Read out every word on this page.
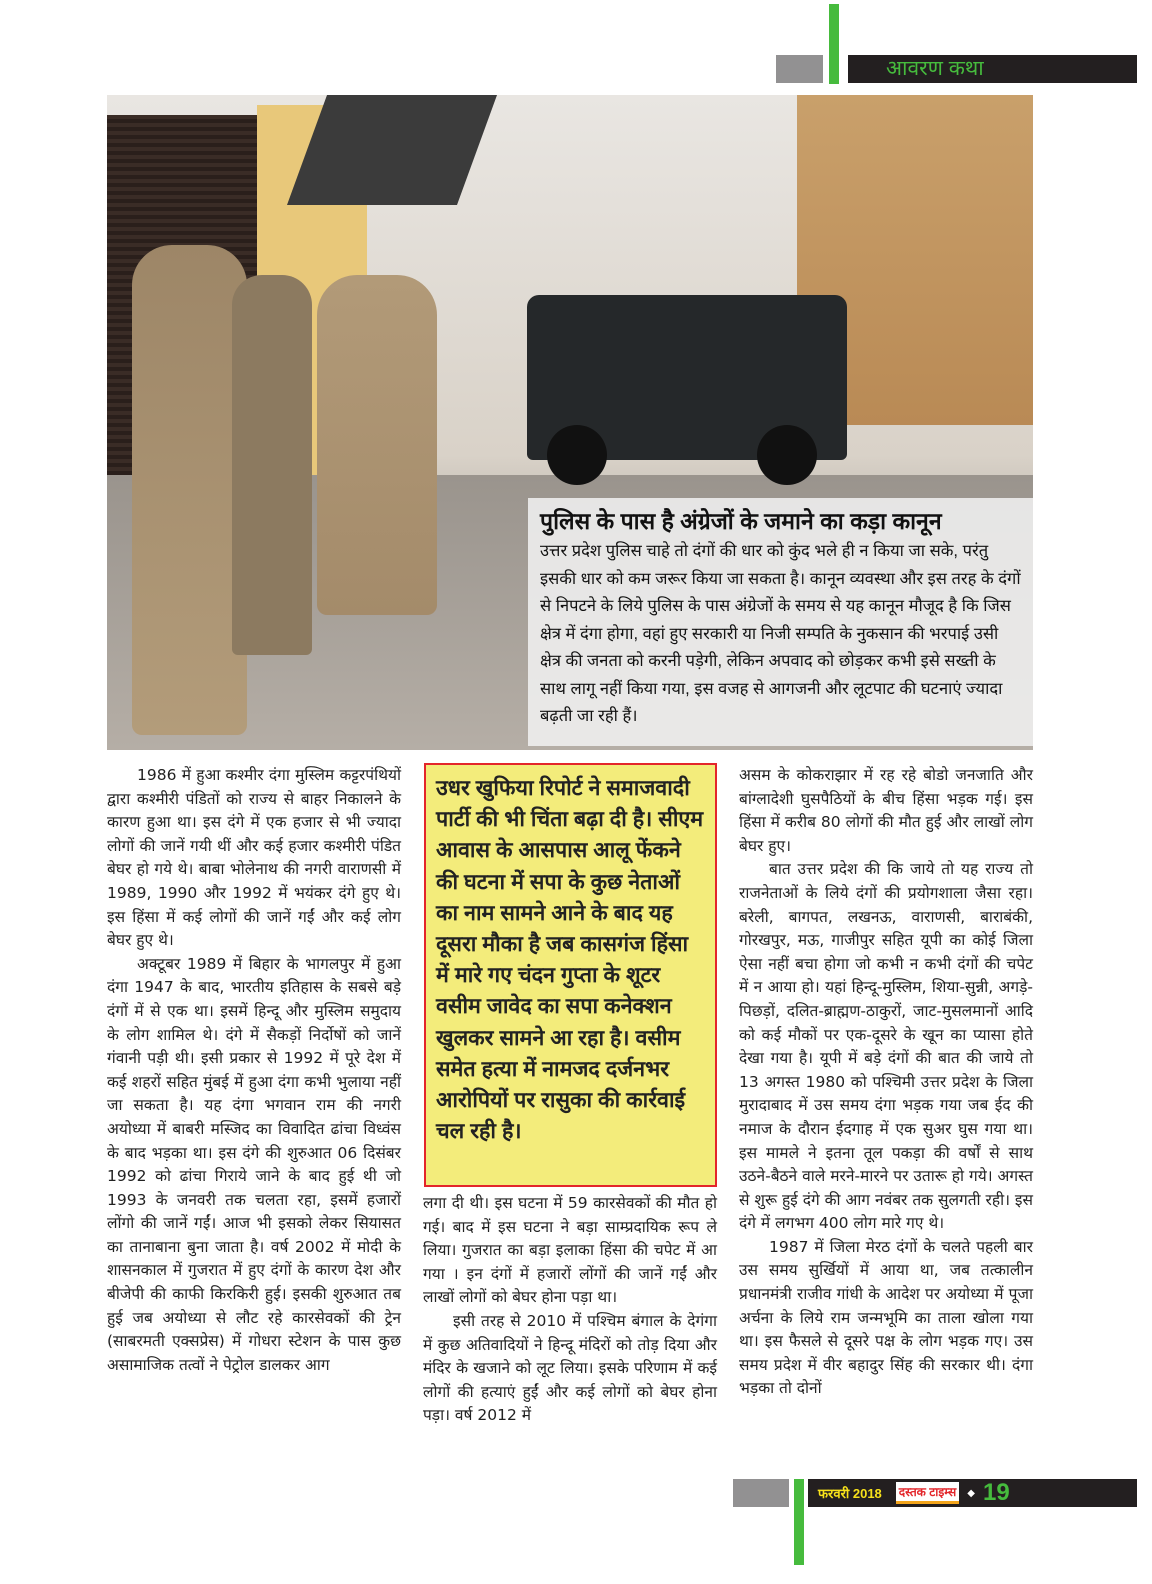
आवरण कथा
पुलिस के पास है अंग्रेजों के जमाने का कड़ा कानून

उत्तर प्रदेश पुलिस चाहे तो दंगों की धार को कुंद भले ही न किया जा सके, परंतु इसकी धार को कम जरूर किया जा सकता है। कानून व्यवस्था और इस तरह के दंगों से निपटने के लिये पुलिस के पास अंग्रेजों के समय से यह कानून मौजूद है कि जिस क्षेत्र में दंगा होगा, वहां हुए सरकारी या निजी सम्पति के नुकसान की भरपाई उसी क्षेत्र की जनता को करनी पड़ेगी, लेकिन अपवाद को छोड़कर कभी इसे सख्ती के साथ लागू नहीं किया गया, इस वजह से आगजनी और लूटपाट की घटनाएं ज्यादा बढ़ती जा रही हैं।

1986 में हुआ कश्मीर दंगा मुस्लिम कट्टरपंथियों द्वारा कश्मीरी पंडितों को राज्य से बाहर निकालने के कारण हुआ था। इस दंगे में एक हजार से भी ज्यादा लोगों की जानें गयी थीं और कई हजार कश्मीरी पंडित बेघर हो गये थे। बाबा भोलेनाथ की नगरी वाराणसी में 1989, 1990 और 1992 में भयंकर दंगे हुए थे। इस हिंसा में कई लोगों की जानें गईं और कई लोग बेघर हुए थे।

अक्टूबर 1989 में बिहार के भागलपुर में हुआ दंगा 1947 के बाद, भारतीय इतिहास के सबसे बड़े दंगों में से एक था। इसमें हिन्दू और मुस्लिम समुदाय के लोग शामिल थे। दंगे में सैकड़ों निर्दोषों को जानें गंवानी पड़ी थी। इसी प्रकार से 1992 में पूरे देश में कई शहरों सहित मुंबई में हुआ दंगा कभी भुलाया नहीं जा सकता है। यह दंगा भगवान राम की नगरी अयोध्या में बाबरी मस्जिद का विवादित ढांचा विध्वंस के बाद भड़का था। इस दंगे की शुरुआत 06 दिसंबर 1992 को ढांचा गिराये जाने के बाद हुई थी जो 1993 के जनवरी तक चलता रहा, इसमें हजारों लोंगो की जानें गईं। आज भी इसको लेकर सियासत का तानाबाना बुना जाता है। वर्ष 2002 में मोदी के शासनकाल में गुजरात में हुए दंगों के कारण देश और बीजेपी की काफी किरकिरी हुई। इसकी शुरुआत तब हुई जब अयोध्या से लौट रहे कारसेवकों की ट्रेन (साबरमती एक्सप्रेस) में गोधरा स्टेशन के पास कुछ असामाजिक तत्वों ने पेट्रोल डालकर आग

उधर खुफिया रिपोर्ट ने समाजवादी पार्टी की भी चिंता बढ़ा दी है। सीएम आवास के आसपास आलू फेंकने की घटना में सपा के कुछ नेताओं का नाम सामने आने के बाद यह दूसरा मौका है जब कासगंज हिंसा में मारे गए चंदन गुप्ता के शूटर वसीम जावेद का सपा कनेक्शन खुलकर सामने आ रहा है। वसीम समेत हत्या में नामजद दर्जनभर आरोपियों पर रासुका की कार्रवाई चल रही है।

लगा दी थी। इस घटना में 59 कारसेवकों की मौत हो गई। बाद में इस घटना ने बड़ा साम्प्रदायिक रूप ले लिया। गुजरात का बड़ा इलाका हिंसा की चपेट में आ गया । इन दंगों में हजारों लोंगों की जानें गईं और लाखों लोगों को बेघर होना पड़ा था।

इसी तरह से 2010 में पश्चिम बंगाल के देगंगा में कुछ अतिवादियों ने हिन्दू मंदिरों को तोड़ दिया और मंदिर के खजाने को लूट लिया। इसके परिणाम में कई लोगों की हत्याएं हुईं और कई लोगों को बेघर होना पड़ा। वर्ष 2012 में

असम के कोकराझार में रह रहे बोडो जनजाति और बांग्लादेशी घुसपैठियों के बीच हिंसा भड़क गई। इस हिंसा में करीब 80 लोगों की मौत हुई और लाखों लोग बेघर हुए।

बात उत्तर प्रदेश की कि जाये तो यह राज्य तो राजनेताओं के लिये दंगों की प्रयोगशाला जैसा रहा। बरेली, बागपत, लखनऊ, वाराणसी, बाराबंकी, गोरखपुर, मऊ, गाजीपुर सहित यूपी का कोई जिला ऐसा नहीं बचा होगा जो कभी न कभी दंगों की चपेट में न आया हो। यहां हिन्दू-मुस्लिम, शिया-सुन्नी, अगड़े-पिछड़ों, दलित-ब्राह्मण-ठाकुरों, जाट-मुसलमानों आदि को कई मौकों पर एक-दूसरे के खून का प्यासा होते देखा गया है। यूपी में बड़े दंगों की बात की जाये तो 13 अगस्त 1980 को पश्चिमी उत्तर प्रदेश के जिला मुरादाबाद में उस समय दंगा भड़क गया जब ईद की नमाज के दौरान ईदगाह में एक सुअर घुस गया था। इस मामले ने इतना तूल पकड़ा की वर्षों से साथ उठने-बैठने वाले मरने-मारने पर उतारू हो गये। अगस्त से शुरू हुई दंगे की आग नवंबर तक सुलगती रही। इस दंगे में लगभग 400 लोग मारे गए थे।

1987 में जिला मेरठ दंगों के चलते पहली बार उस समय सुर्खियों में आया था, जब तत्कालीन प्रधानमंत्री राजीव गांधी के आदेश पर अयोध्या में पूजा अर्चना के लिये राम जन्मभूमि का ताला खोला गया था। इस फैसले से दूसरे पक्ष के लोग भड़क गए। उस समय प्रदेश में वीर बहादुर सिंह की सरकार थी। दंगा भड़का तो दोनों

फरवरी 2018 दस्तक टाइम्स	◆ 19
